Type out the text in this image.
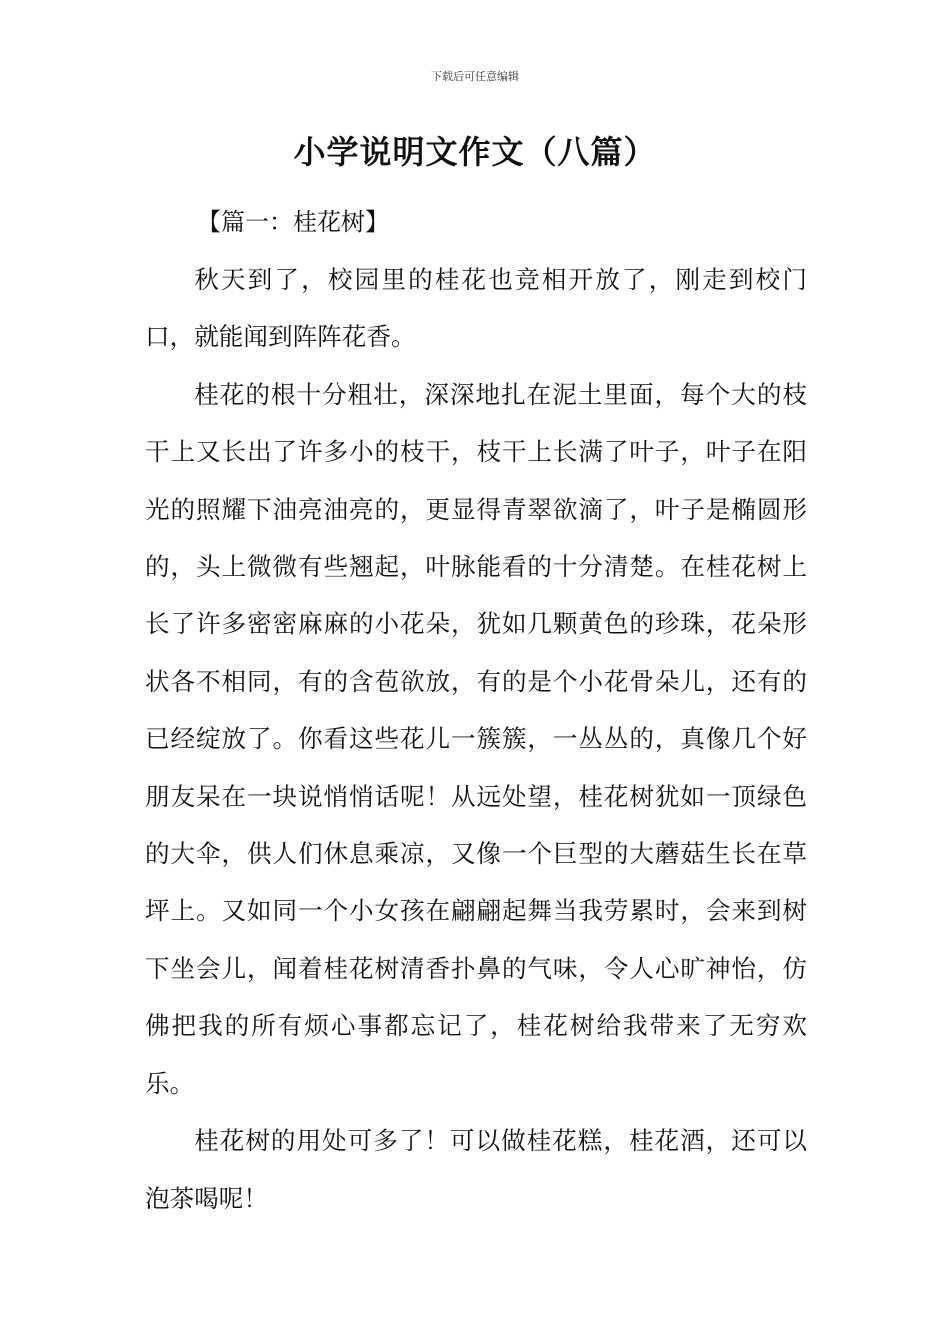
下载后可任意编辑
小学说明文作文（八篇）
【篇一：桂花树】

秋天到了，校园里的桂花也竞相开放了，刚走到校门口，就能闻到阵阵花香。

桂花的根十分粗壮，深深地扎在泥土里面，每个大的枝干上又长出了许多小的枝干，枝干上长满了叶子，叶子在阳光的照耀下油亮油亮的，更显得青翠欲滴了，叶子是椭圆形的，头上微微有些翘起，叶脉能看的十分清楚。在桂花树上长了许多密密麻麻的小花朵，犹如几颗黄色的珍珠，花朵形状各不相同，有的含苞欲放，有的是个小花骨朵儿，还有的已经绽放了。你看这些花儿一簇簇，一丛丛的，真像几个好朋友呆在一块说悄悄话呢！从远处望，桂花树犹如一顶绿色的大伞，供人们休息乘凉，又像一个巨型的大蘑菇生长在草坪上。又如同一个小女孩在翩翩起舞当我劳累时，会来到树下坐会儿，闻着桂花树清香扑鼻的气味，令人心旷神怡，仿佛把我的所有烦心事都忘记了，桂花树给我带来了无穷欢乐。

桂花树的用处可多了！可以做桂花糕，桂花酒，还可以泡茶喝呢！
